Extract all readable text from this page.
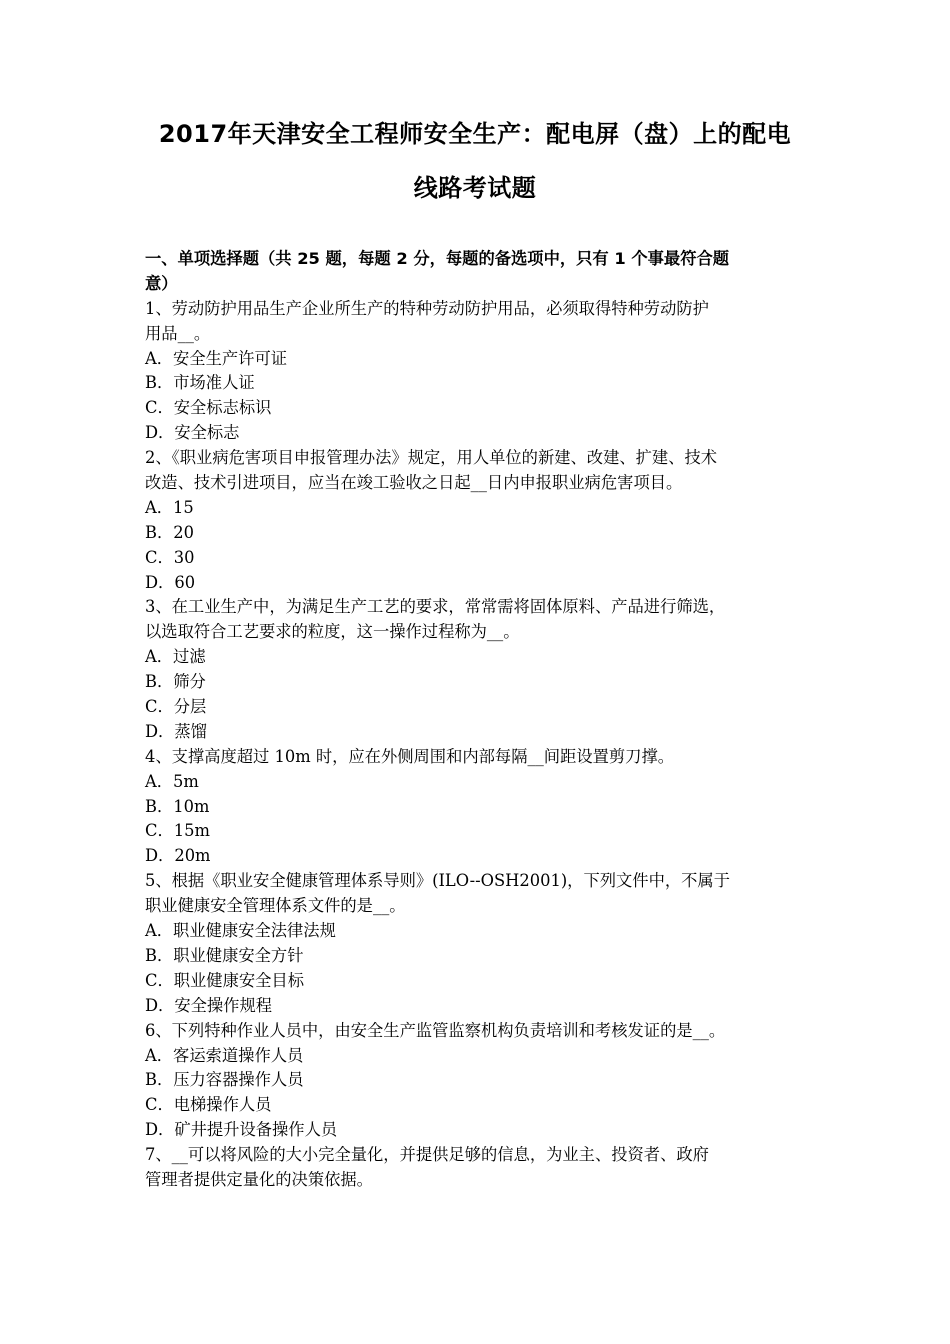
2017年天津安全工程师安全生产：配电屏（盘）上的配电
线路考试题
一、单项选择题（共 25 题，每题 2 分，每题的备选项中，只有 1 个事最符合题
意）
1、劳动防护用品生产企业所生产的特种劳动防护用品，必须取得特种劳动防护
用品__。
A．安全生产许可证
B．市场准人证
C．安全标志标识
D．安全标志
2、《职业病危害项目申报管理办法》规定，用人单位的新建、改建、扩建、技术
改造、技术引进项目，应当在竣工验收之日起__日内申报职业病危害项目。
A．15
B．20
C．30
D．60
3、在工业生产中，为满足生产工艺的要求，常常需将固体原料、产品进行筛选，
以选取符合工艺要求的粒度，这一操作过程称为__。
A．过滤
B．筛分
C．分层
D．蒸馏
4、支撑高度超过 10m 时，应在外侧周围和内部每隔__间距设置剪刀撑。
A．5m
B．10m
C．15m
D．20m
5、根据《职业安全健康管理体系导则》(ILO--OSH2001)，下列文件中，不属于
职业健康安全管理体系文件的是__。
A．职业健康安全法律法规
B．职业健康安全方针
C．职业健康安全目标
D．安全操作规程
6、下列特种作业人员中，由安全生产监管监察机构负责培训和考核发证的是__。
A．客运索道操作人员
B．压力容器操作人员
C．电梯操作人员
D．矿井提升设备操作人员
7、__可以将风险的大小完全量化，并提供足够的信息，为业主、投资者、政府
管理者提供定量化的决策依据。
